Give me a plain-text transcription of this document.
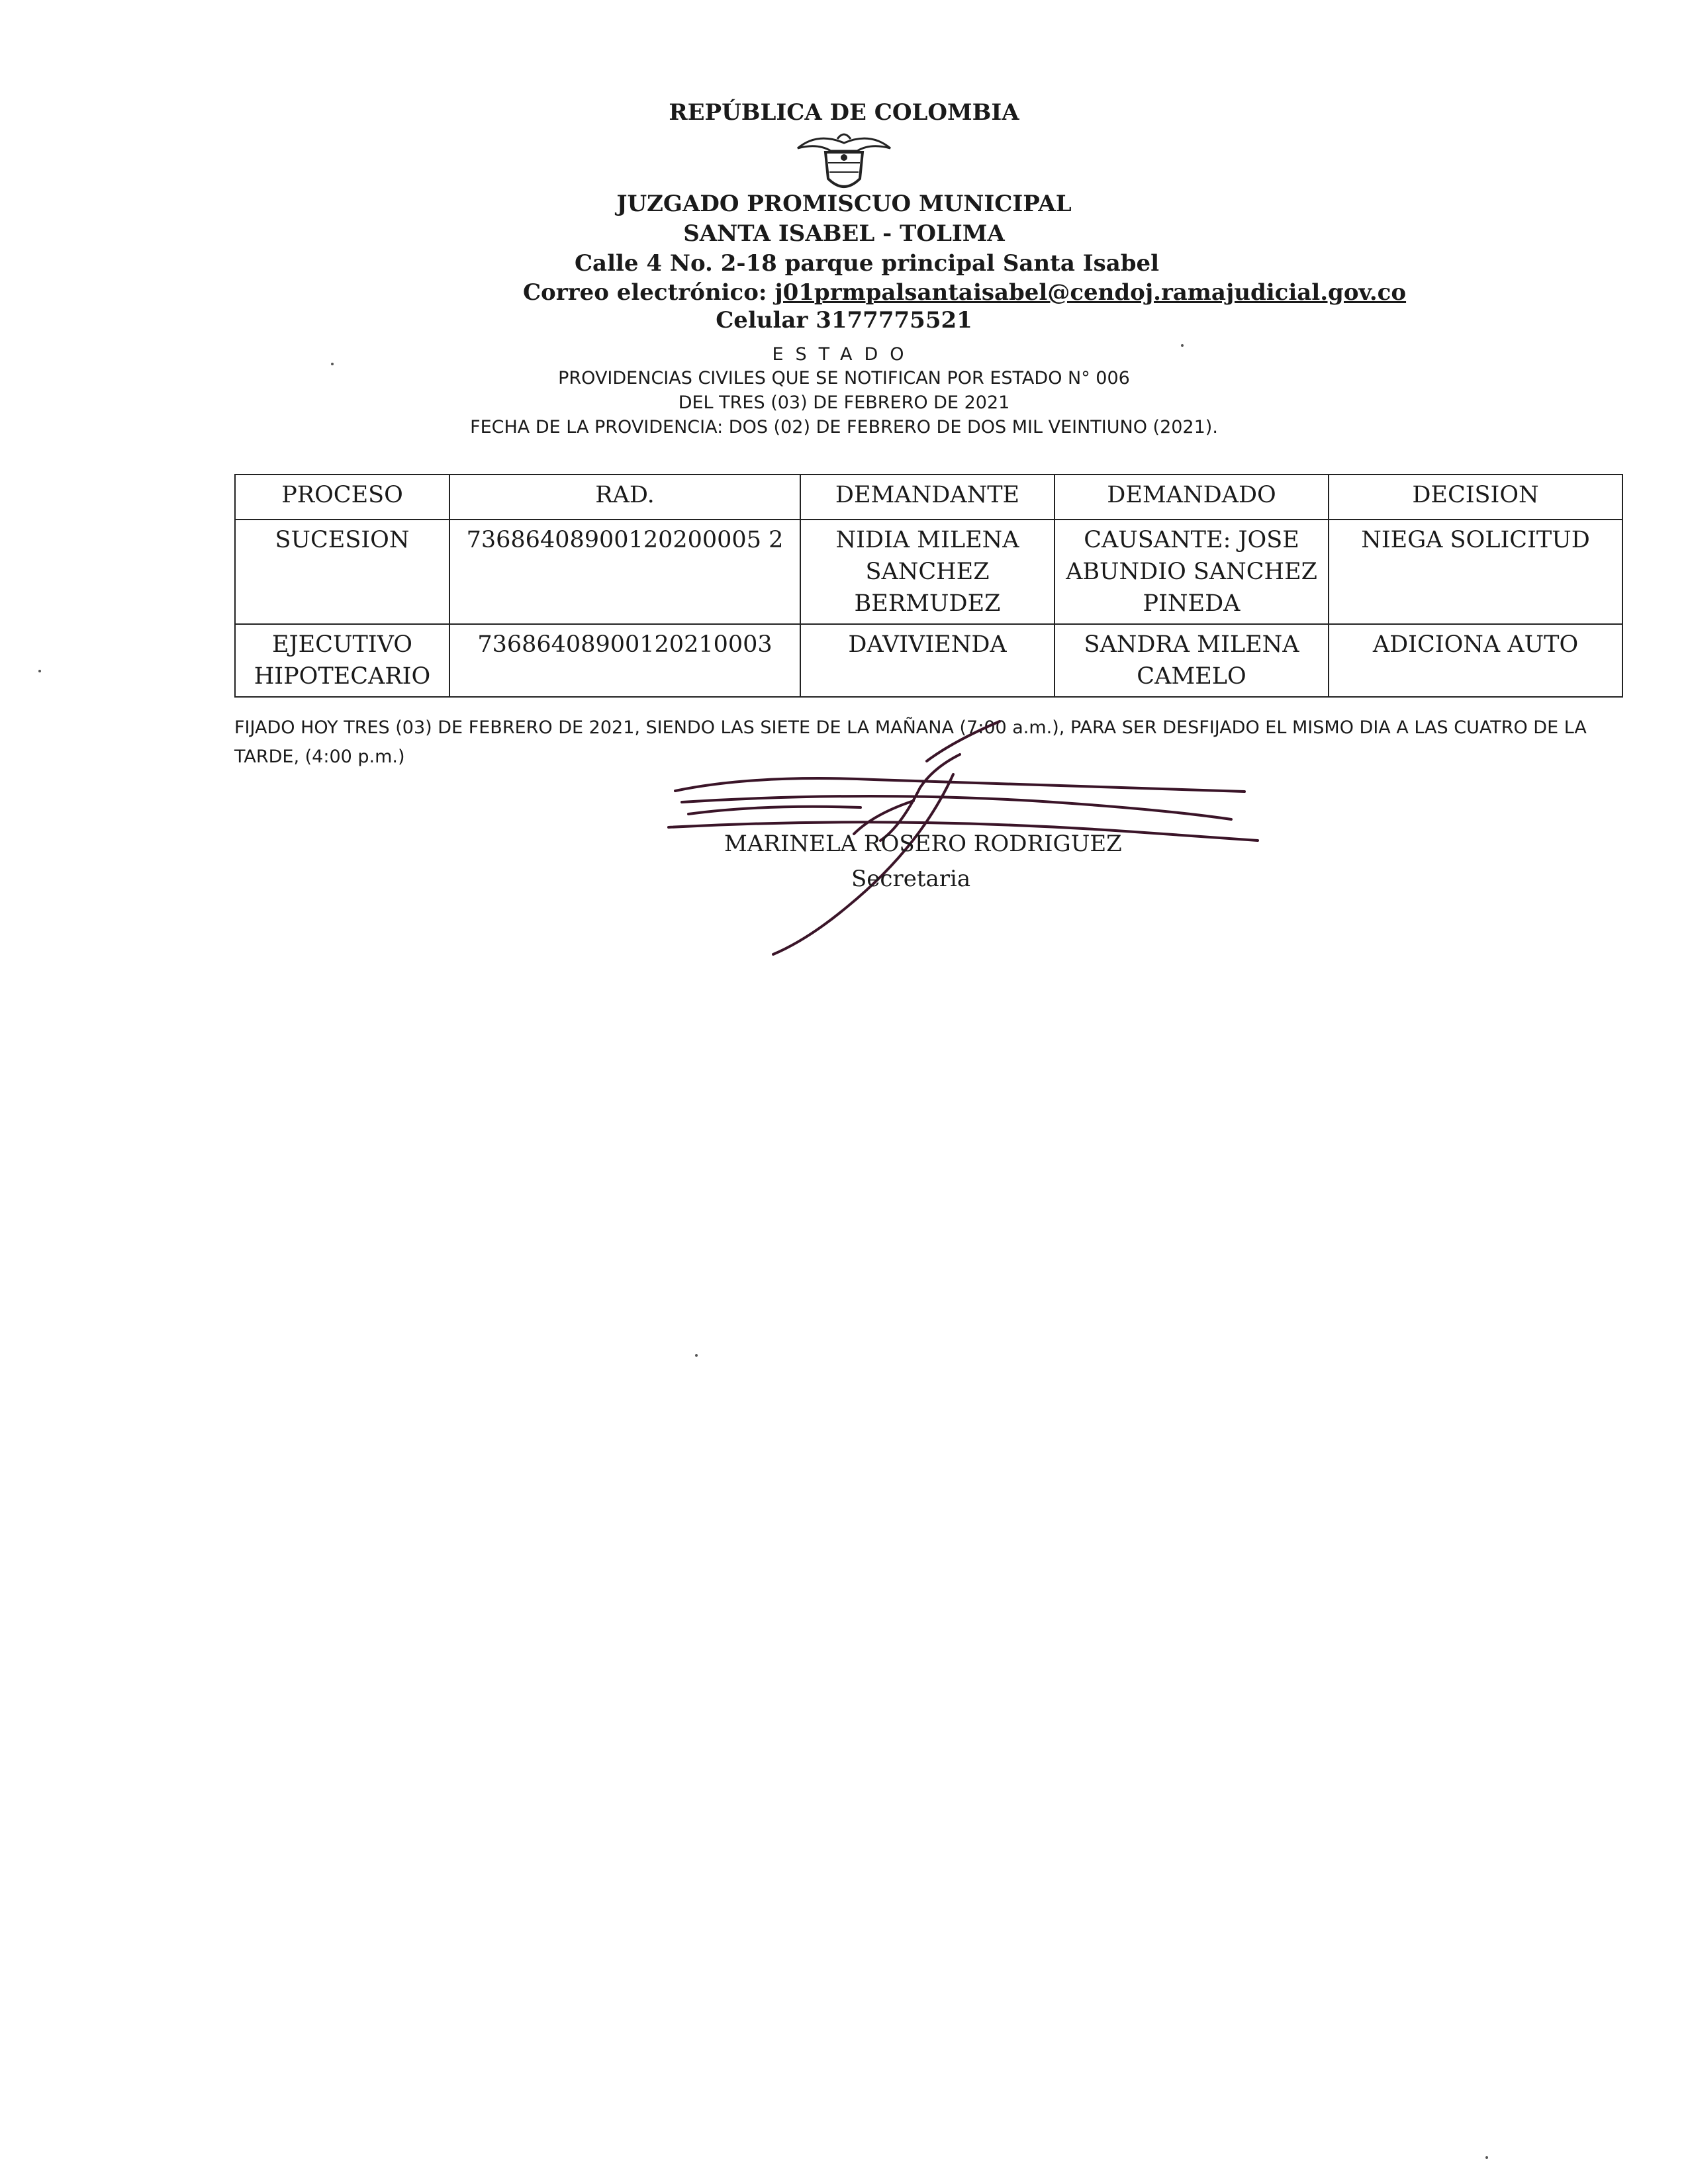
REPÚBLICA DE COLOMBIA
JUZGADO PROMISCUO MUNICIPAL
SANTA ISABEL - TOLIMA
Calle 4 No. 2-18 parque principal Santa Isabel
Correo electrónico: j01prmpalsantaisabel@cendoj.ramajudicial.gov.co
Celular 3177775521
ESTADO
PROVIDENCIAS CIVILES QUE SE NOTIFICAN POR ESTADO N° 006
DEL TRES (03) DE FEBRERO DE 2021
FECHA DE LA PROVIDENCIA: DOS (02) DE FEBRERO DE DOS MIL VEINTIUNO (2021).
PROCESO	RAD.	DEMANDANTE	DEMANDADO	DECISION
SUCESION	73686408900120200005 2	NIDIA MILENA SANCHEZ BERMUDEZ	CAUSANTE: JOSE ABUNDIO SANCHEZ PINEDA	NIEGA SOLICITUD
EJECUTIVO HIPOTECARIO	73686408900120210003	DAVIVIENDA	SANDRA MILENA CAMELO	ADICIONA AUTO
FIJADO HOY TRES (03) DE FEBRERO DE 2021, SIENDO LAS SIETE DE LA MAÑANA (7:00 a.m.), PARA SER DESFIJADO EL MISMO DIA A LAS CUATRO DE LA TARDE, (4:00 p.m.)
MARINELA ROSERO RODRIGUEZ
Secretaria
